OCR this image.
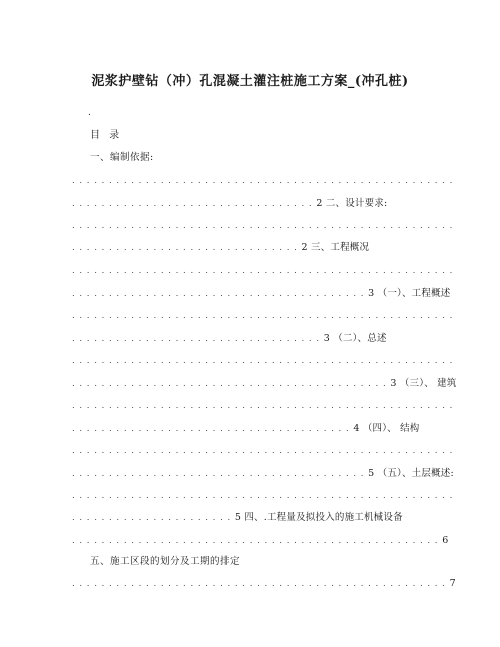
泥浆护壁钻（冲）孔混凝土灌注桩施工方案_(冲孔桩)
.
目 录
一、编制依据:
. . . . . . . . . . . . . . . . . . . . . . . . . . . . . . . . . . . . . . . . . . . . . . . . . . . .
. . . . . . . . . . . . . . . . . . . . . . . . . . . . . . . . . 2 二、设计要求:
. . . . . . . . . . . . . . . . . . . . . . . . . . . . . . . . . . . . . . . . . . . . . . . . . . . .
. . . . . . . . . . . . . . . . . . . . . . . . . . . . . . . 2 三、工程概况
. . . . . . . . . . . . . . . . . . . . . . . . . . . . . . . . . . . . . . . . . . . . . . . . . . . .
. . . . . . . . . . . . . . . . . . . . . . . . . . . . . . . . . . . . . . . . 3 （一）、工程概述
. . . . . . . . . . . . . . . . . . . . . . . . . . . . . . . . . . . . . . . . . . . . . . . . . . . .
. . . . . . . . . . . . . . . . . . . . . . . . . . . . . . . . . . 3 （二）、总述
. . . . . . . . . . . . . . . . . . . . . . . . . . . . . . . . . . . . . . . . . . . . . . . . . . . .
. . . . . . . . . . . . . . . . . . . . . . . . . . . . . . . . . . . . . . . . . . . 3 （三）、 建筑
. . . . . . . . . . . . . . . . . . . . . . . . . . . . . . . . . . . . . . . . . . . . . . . . . . . .
. . . . . . . . . . . . . . . . . . . . . . . . . . . . . . . . . . . . . . 4 （四）、 结构
. . . . . . . . . . . . . . . . . . . . . . . . . . . . . . . . . . . . . . . . . . . . . . . . . . . .
. . . . . . . . . . . . . . . . . . . . . . . . . . . . . . . . . . . . . . . . 5 （五）、土层概述:
. . . . . . . . . . . . . . . . . . . . . . . . . . . . . . . . . . . . . . . . . . . . . . . . . . . .
. . . . . . . . . . . . . . . . . . . . . . 5 四、.工程量及拟投入的施工机械设备
. . . . . . . . . . . . . . . . . . . . . . . . . . . . . . . . . . . . . . . . . . . . . . . . . . 6
五、施工区段的划分及工期的排定
. . . . . . . . . . . . . . . . . . . . . . . . . . . . . . . . . . . . . . . . . . . . . . . . . . . 7
